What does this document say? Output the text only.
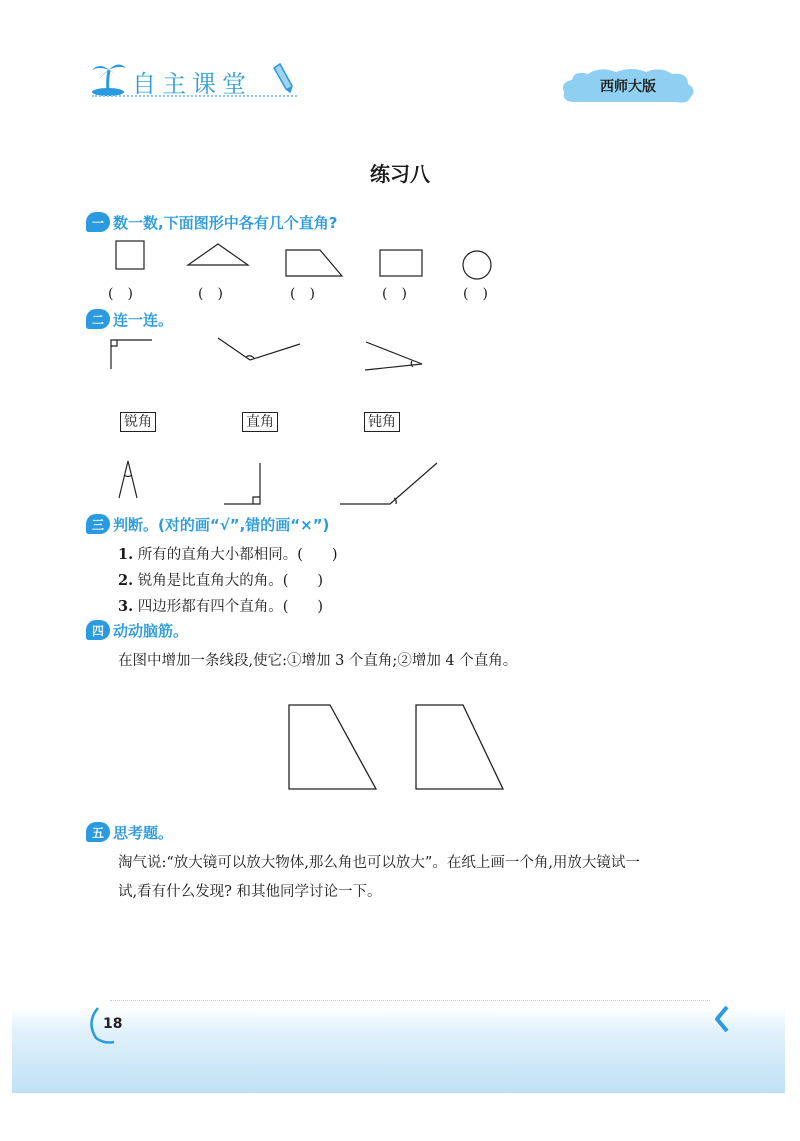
自主课堂	西师大版
练习八
一 数一数,下面图形中各有几个直角?
(　)	(　)	(　)	(　)	(　)
二 连一连。
锐角	直角	钝角
三 判断。(对的画“√”,错的画“×”)
1. 所有的直角大小都相同。(　　)
2. 锐角是比直角大的角。(　　)
3. 四边形都有四个直角。(　　)
四 动动脑筋。
在图中增加一条线段,使它:①增加 3 个直角;②增加 4 个直角。
五 思考题。
淘气说:“放大镜可以放大物体,那么角也可以放大”。在纸上画一个角,用放大镜试一
试,看有什么发现? 和其他同学讨论一下。
18
